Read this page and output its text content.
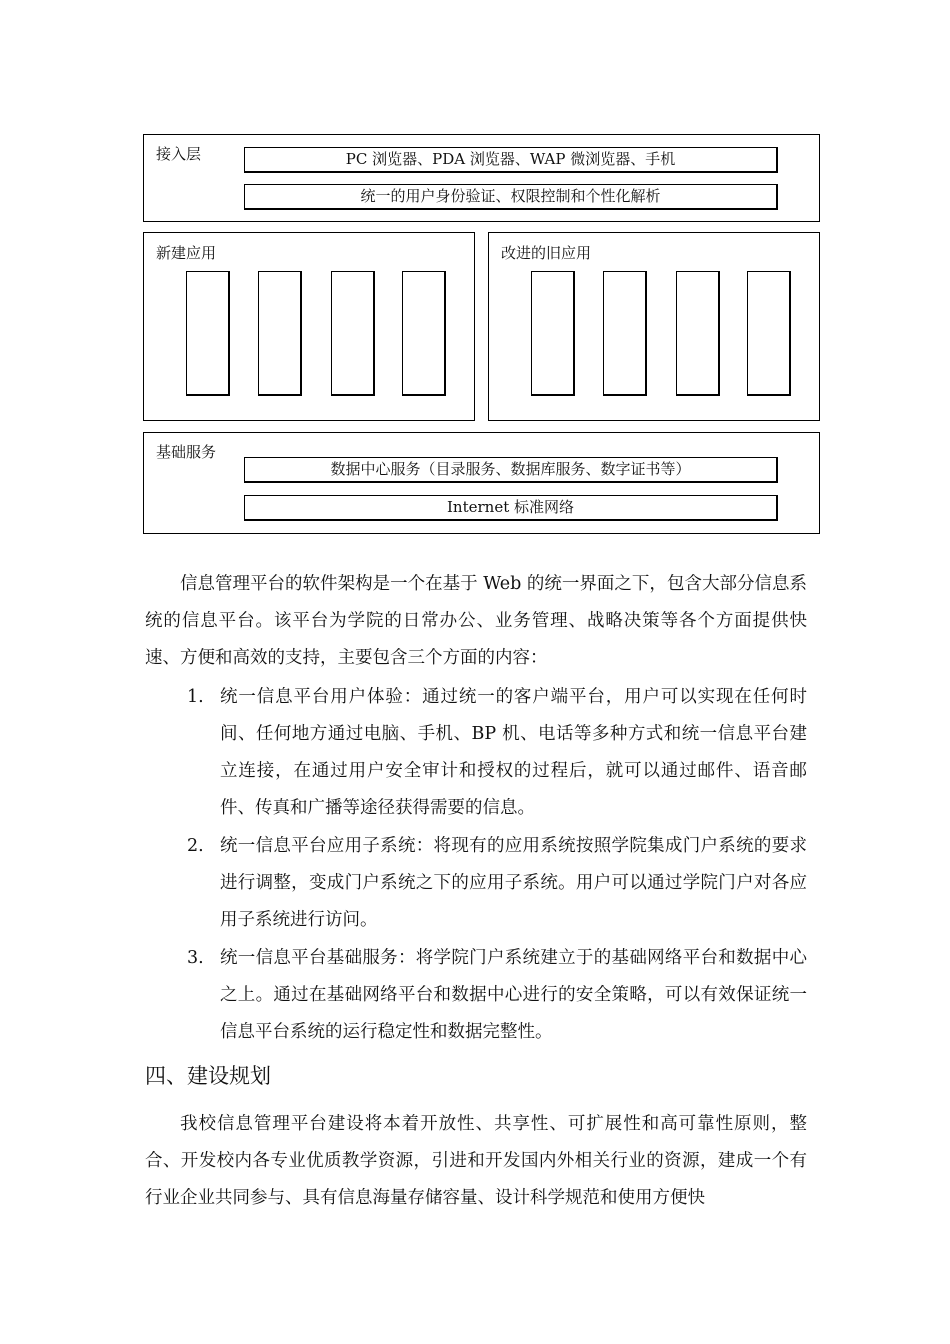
接入层	PC 浏览器、PDA 浏览器、WAP 微浏览器、手机
统一的用户身份验证、权限控制和个性化解析
新建应用	改进的旧应用
基础服务
数据中心服务（目录服务、数据库服务、数字证书等）
Internet 标准网络
信息管理平台的软件架构是一个在基于 Web 的统一界面之下，包含大部分信息系统的信息平台。该平台为学院的日常办公、业务管理、战略决策等各个方面提供快速、方便和高效的支持，主要包含三个方面的内容：
1. 统一信息平台用户体验：通过统一的客户端平台，用户可以实现在任何时间、任何地方通过电脑、手机、BP 机、电话等多种方式和统一信息平台建立连接，在通过用户安全审计和授权的过程后，就可以通过邮件、语音邮件、传真和广播等途径获得需要的信息。
2. 统一信息平台应用子系统：将现有的应用系统按照学院集成门户系统的要求进行调整，变成门户系统之下的应用子系统。用户可以通过学院门户对各应用子系统进行访问。
3. 统一信息平台基础服务：将学院门户系统建立于的基础网络平台和数据中心之上。通过在基础网络平台和数据中心进行的安全策略，可以有效保证统一信息平台系统的运行稳定性和数据完整性。
四、建设规划
我校信息管理平台建设将本着开放性、共享性、可扩展性和高可靠性原则，整合、开发校内各专业优质教学资源，引进和开发国内外相关行业的资源，建成一个有行业企业共同参与、具有信息海量存储容量、设计科学规范和使用方便快
